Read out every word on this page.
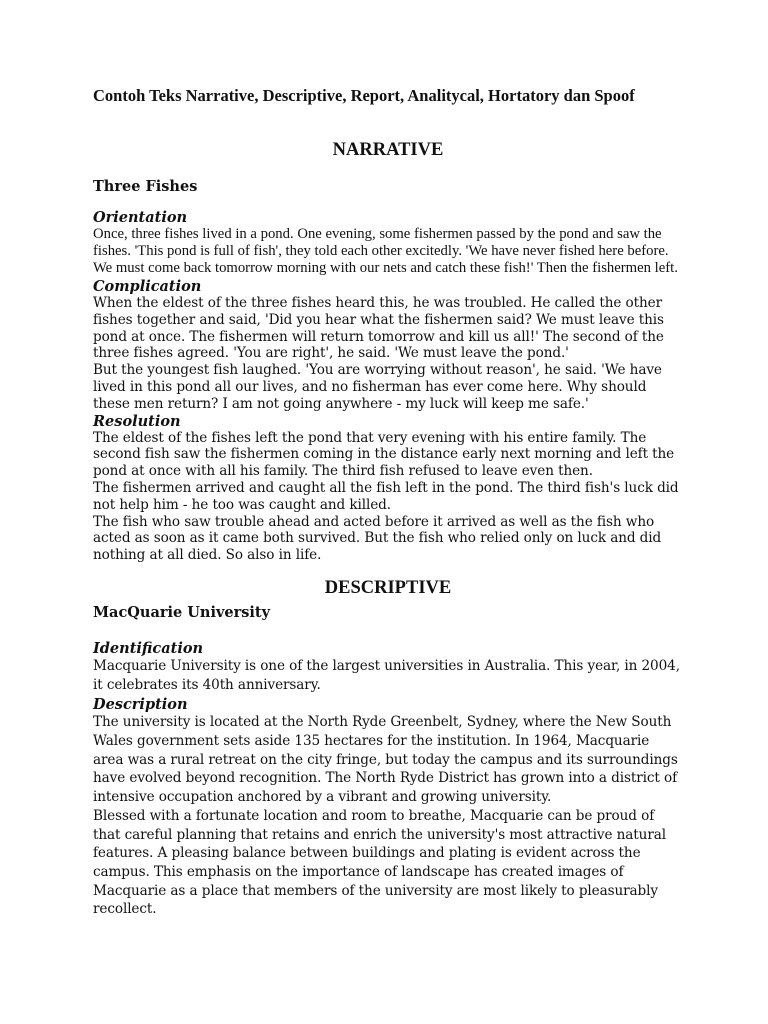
Contoh Teks Narrative, Descriptive, Report, Analitycal, Hortatory dan Spoof
NARRATIVE
Three Fishes
Orientation

Once, three fishes lived in a pond. One evening, some fishermen passed by the pond and saw the fishes. 'This pond is full of fish', they told each other excitedly. 'We have never fished here before. We must come back tomorrow morning with our nets and catch these fish!' Then the fishermen left.

Complication

When the eldest of the three fishes heard this, he was troubled. He called the other fishes together and said, 'Did you hear what the fishermen said? We must leave this pond at once. The fishermen will return tomorrow and kill us all!' The second of the three fishes agreed. 'You are right', he said. 'We must leave the pond.'

But the youngest fish laughed. 'You are worrying without reason', he said. 'We have lived in this pond all our lives, and no fisherman has ever come here. Why should these men return? I am not going anywhere - my luck will keep me safe.'

Resolution

The eldest of the fishes left the pond that very evening with his entire family. The second fish saw the fishermen coming in the distance early next morning and left the pond at once with all his family. The third fish refused to leave even then.

The fishermen arrived and caught all the fish left in the pond. The third fish's luck did not help him - he too was caught and killed.

The fish who saw trouble ahead and acted before it arrived as well as the fish who acted as soon as it came both survived. But the fish who relied only on luck and did nothing at all died. So also in life.

DESCRIPTIVE
MacQuarie University
Identification

Macquarie University is one of the largest universities in Australia. This year, in 2004, it celebrates its 40th anniversary.

Description

The university is located at the North Ryde Greenbelt, Sydney, where the New South Wales government sets aside 135 hectares for the institution. In 1964, Macquarie area was a rural retreat on the city fringe, but today the campus and its surroundings have evolved beyond recognition. The North Ryde District has grown into a district of intensive occupation anchored by a vibrant and growing university.

Blessed with a fortunate location and room to breathe, Macquarie can be proud of that careful planning that retains and enrich the university's most attractive natural features. A pleasing balance between buildings and plating is evident across the campus. This emphasis on the importance of landscape has created images of Macquarie as a place that members of the university are most likely to pleasurably recollect.
